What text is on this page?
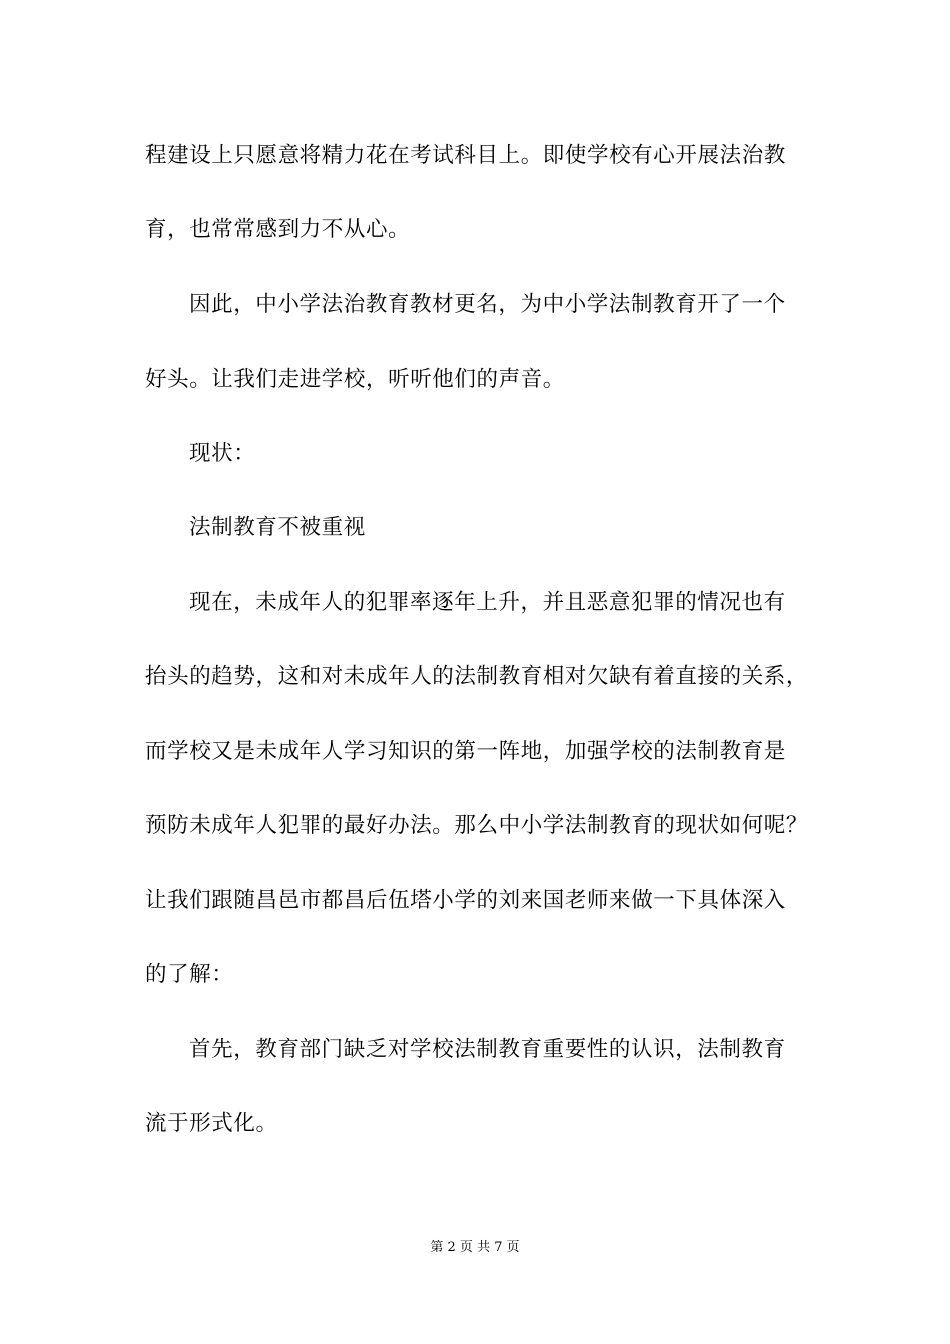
程建设上只愿意将精力花在考试科目上。即使学校有心开展法治教
育，也常常感到力不从心。
因此，中小学法治教育教材更名，为中小学法制教育开了一个
好头。让我们走进学校，听听他们的声音。
现状：
法制教育不被重视
现在，未成年人的犯罪率逐年上升，并且恶意犯罪的情况也有
抬头的趋势，这和对未成年人的法制教育相对欠缺有着直接的关系，
而学校又是未成年人学习知识的第一阵地，加强学校的法制教育是
预防未成年人犯罪的最好办法。那么中小学法制教育的现状如何呢？
让我们跟随昌邑市都昌后伍塔小学的刘来国老师来做一下具体深入
的了解：
首先，教育部门缺乏对学校法制教育重要性的认识，法制教育
流于形式化。
第 2 页 共 7 页
